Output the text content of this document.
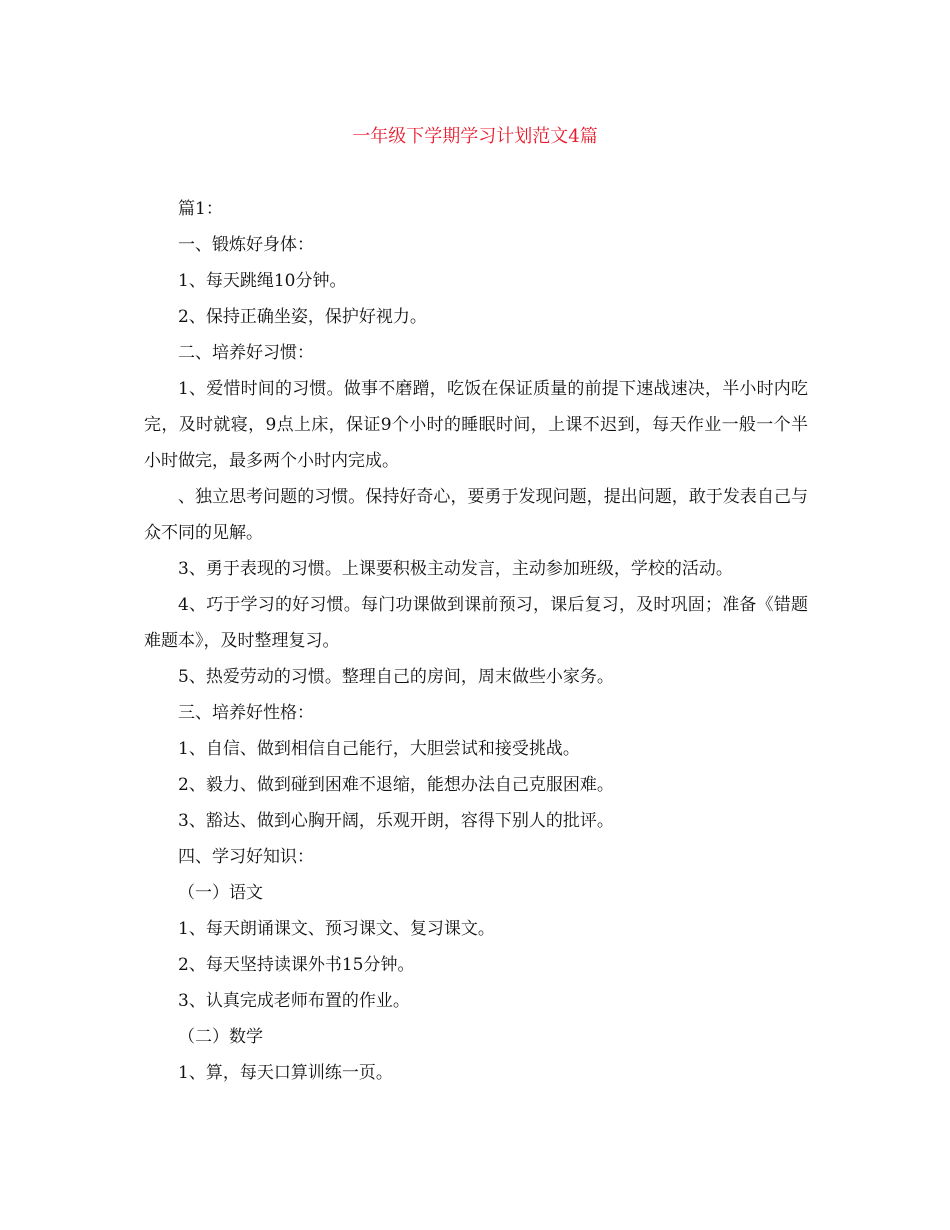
一年级下学期学习计划范文4篇

篇1：

一、锻炼好身体：

1、每天跳绳10分钟。

2、保持正确坐姿，保护好视力。

二、培养好习惯：

1、爱惜时间的习惯。做事不磨蹭，吃饭在保证质量的前提下速战速决，半小时内吃完，及时就寝，9点上床，保证9个小时的睡眠时间，上课不迟到，每天作业一般一个半小时做完，最多两个小时内完成。

、独立思考问题的习惯。保持好奇心，要勇于发现问题，提出问题，敢于发表自己与众不同的见解。

3、勇于表现的习惯。上课要积极主动发言，主动参加班级，学校的活动。

4、巧于学习的好习惯。每门功课做到课前预习，课后复习，及时巩固；准备《错题难题本》，及时整理复习。

5、热爱劳动的习惯。整理自己的房间，周末做些小家务。

三、培养好性格：

1、自信、做到相信自己能行，大胆尝试和接受挑战。

2、毅力、做到碰到困难不退缩，能想办法自己克服困难。

3、豁达、做到心胸开阔，乐观开朗，容得下别人的批评。

四、学习好知识：

（一）语文

1、每天朗诵课文、预习课文、复习课文。

2、每天坚持读课外书15分钟。

3、认真完成老师布置的作业。

（二）数学

1、算，每天口算训练一页。
